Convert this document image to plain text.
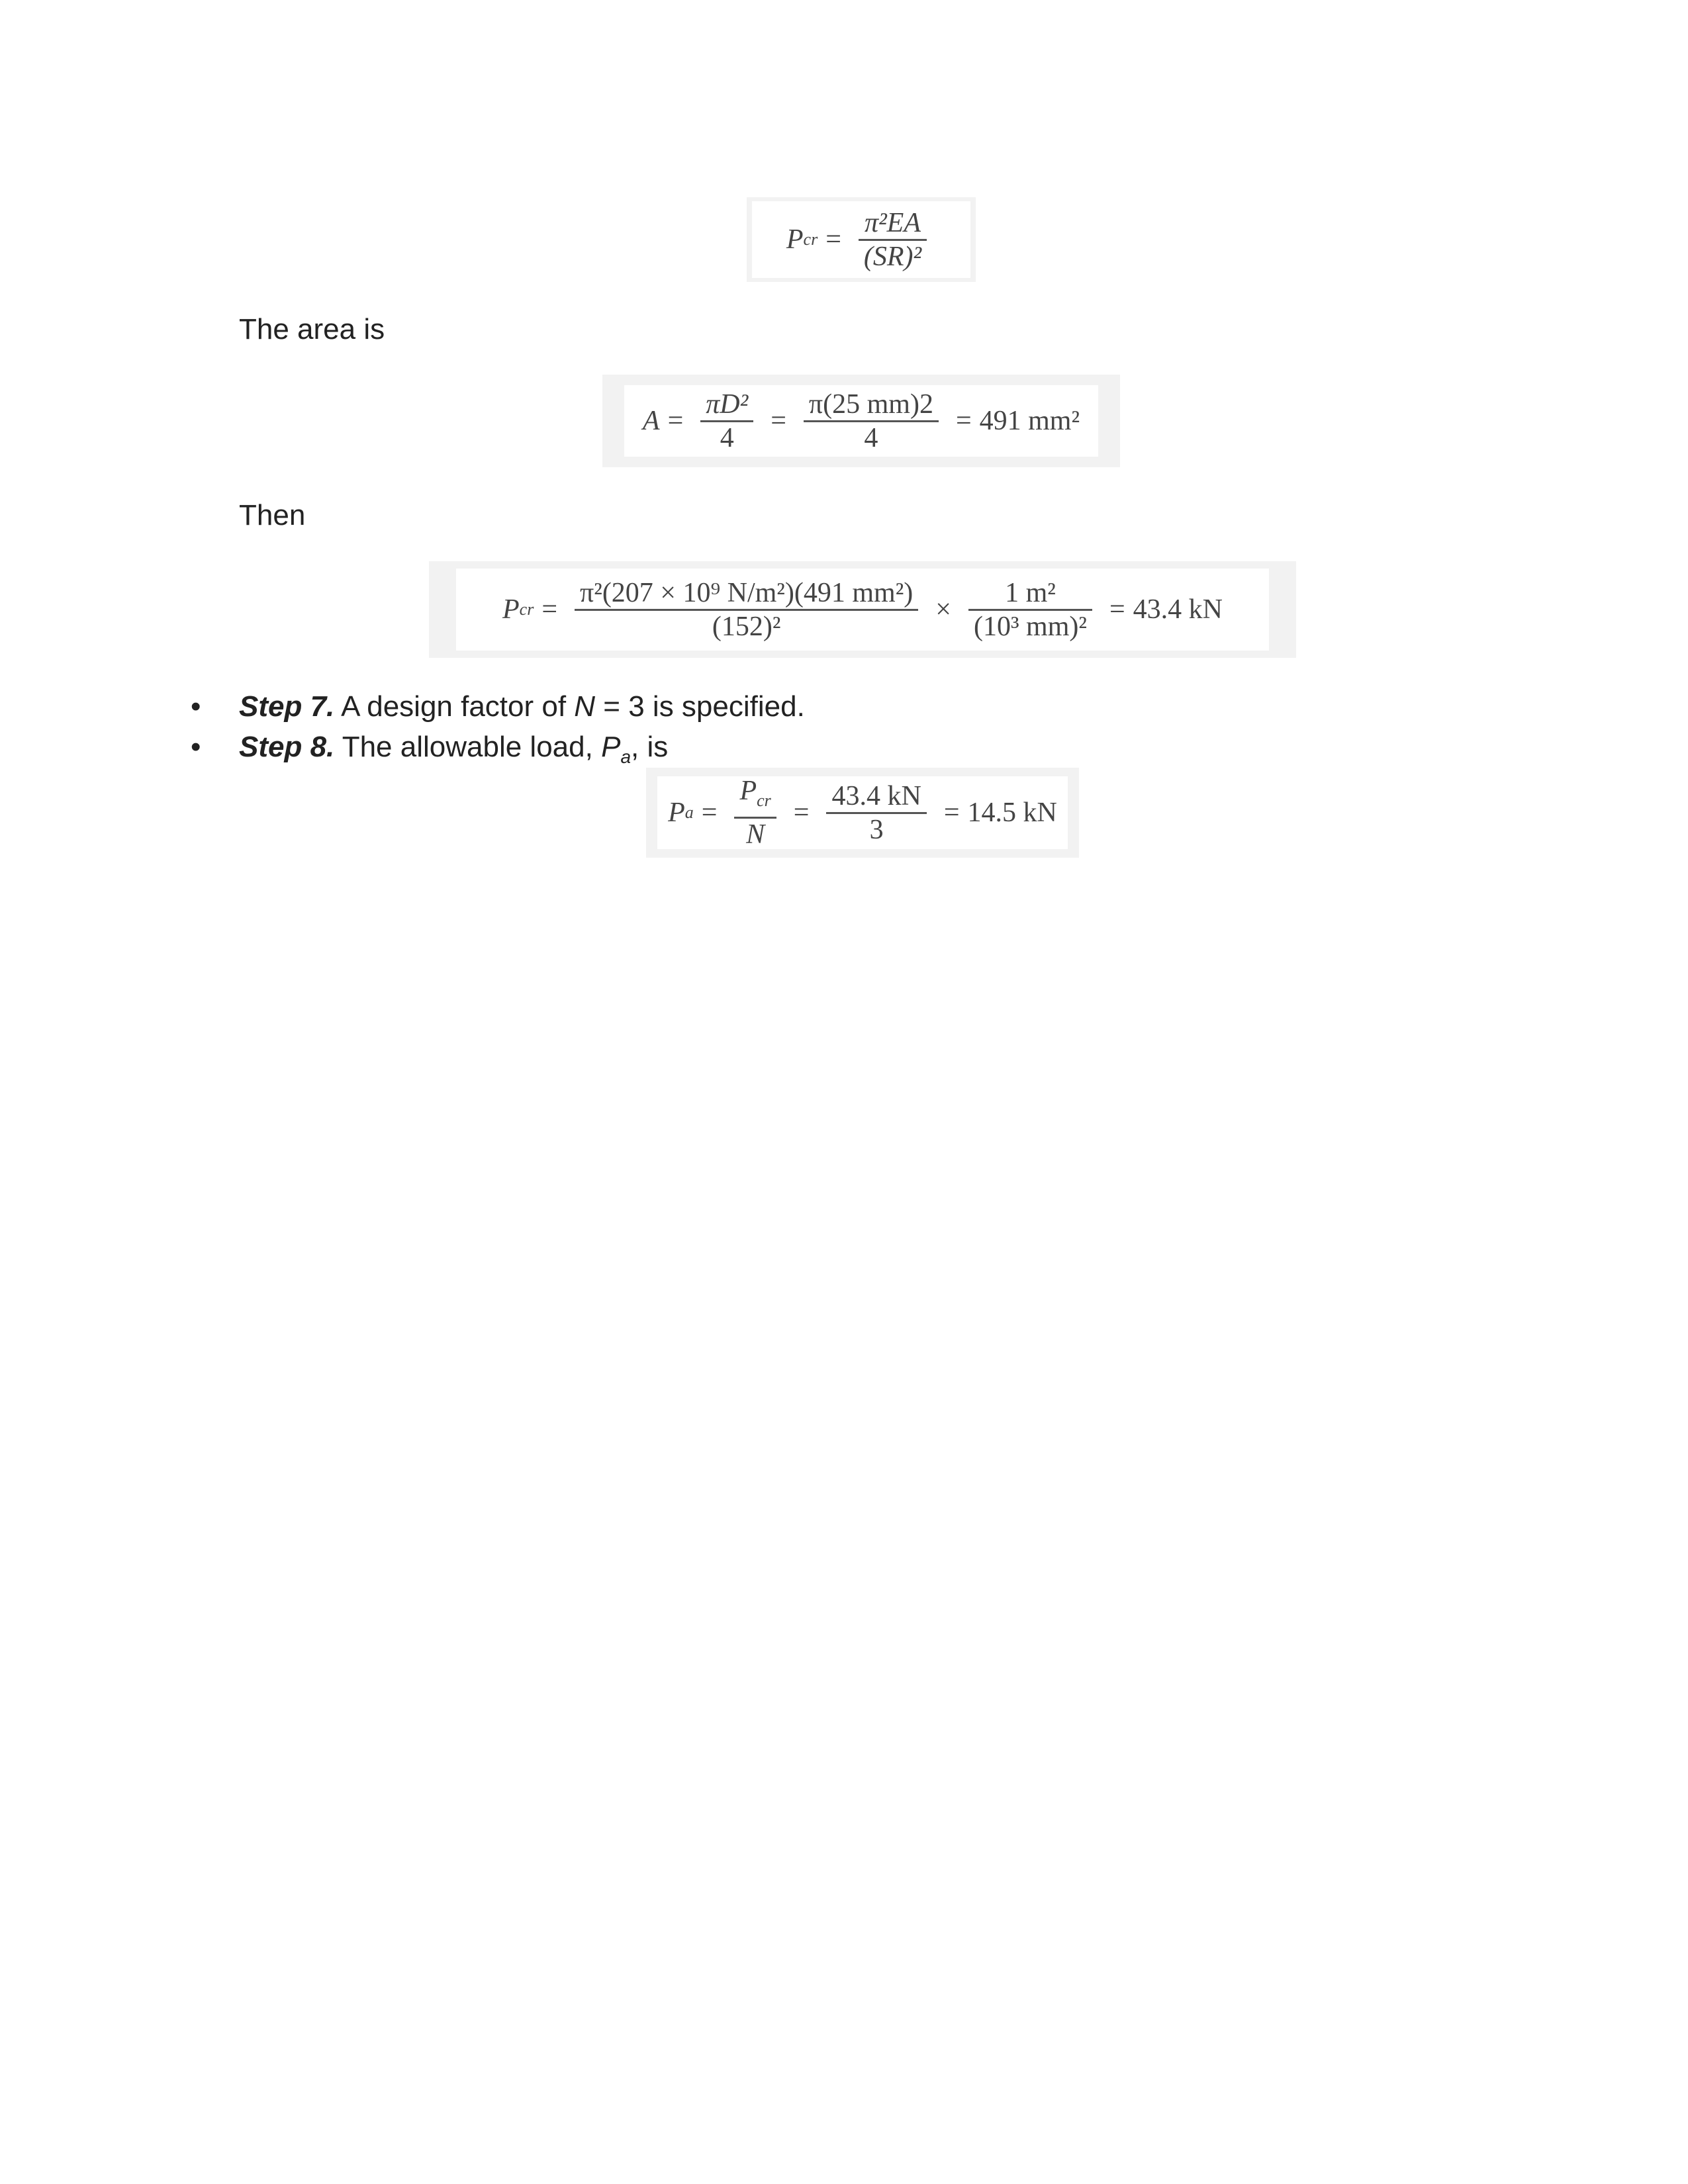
P cr = $\frac{\text{π²EA}}{\text{(SR)²}}$
The area is
$A = \frac{\text{πD²}}{4} = \frac{\pi(25 mm)2}{4} = 491$ mm²
Then
P cr = $\frac{\text{π²(207 × 10⁹ N/m²)(491 mm²)}}{\text{(152)²}} \times \frac{\text{1 m²}}{\text{(10³ mm)²}} = 43.4$ kN
• Step 7. A design factor of N = 3 is specified.
• Step 8. The allowable load, $P_a$, is
P $a = \frac{P_{cr}}{N} = \frac{43.4 kN}{3} = 14.5$ kN
